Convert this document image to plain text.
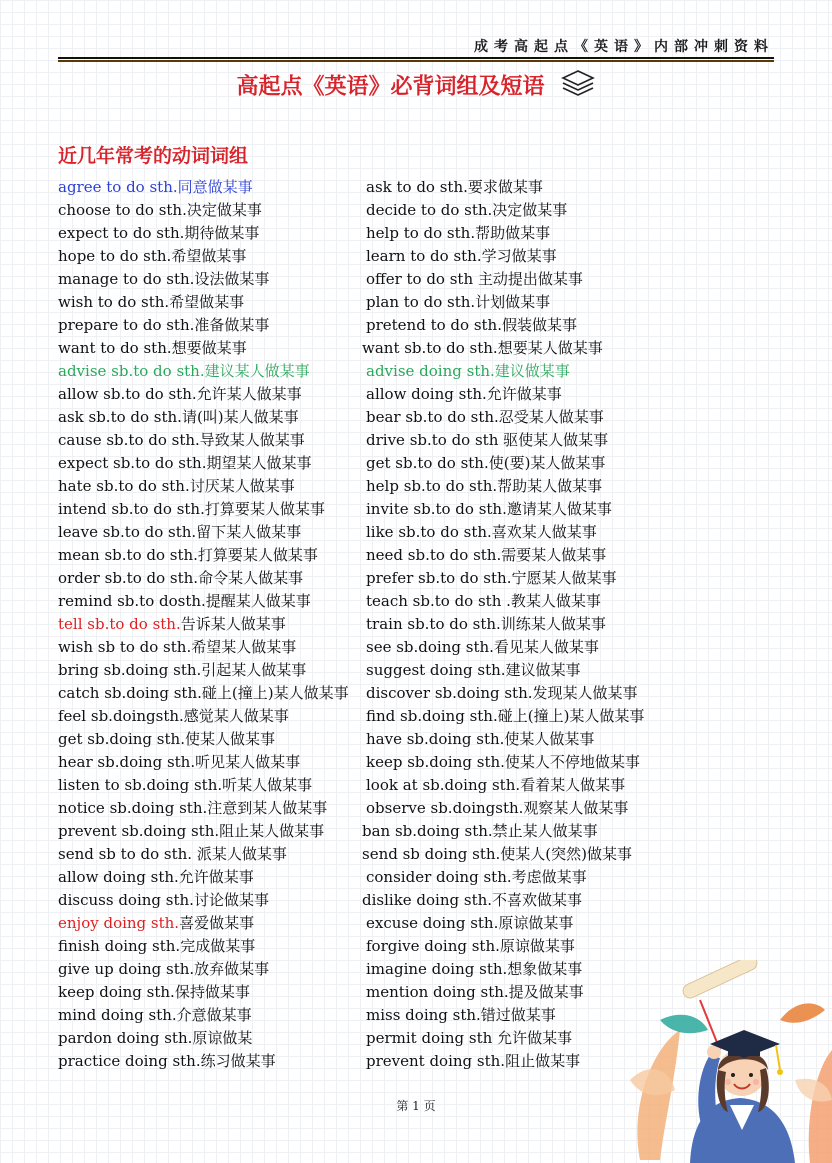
成考高起点《英语》内部冲刺资料
高起点《英语》必背词组及短语
近几年常考的动词词组
agree to do sth.同意做某事	ask to do sth.要求做某事
choose to do sth.决定做某事	decide to do sth.决定做某事
expect to do sth.期待做某事	help to do sth.帮助做某事
hope to do sth.希望做某事	learn to do sth.学习做某事
manage to do sth.设法做某事	offer to do sth 主动提出做某事
wish to do sth.希望做某事	plan to do sth.计划做某事
prepare to do sth.准备做某事	pretend to do sth.假装做某事
want to do sth.想要做某事	want sb.to do sth.想要某人做某事
advise sb.to do sth.建议某人做某事	advise doing sth.建议做某事
allow sb.to do sth.允许某人做某事	allow doing sth.允许做某事
ask sb.to do sth.请(叫)某人做某事	bear sb.to do sth.忍受某人做某事
cause sb.to do sth.导致某人做某事	drive sb.to do sth 驱使某人做某事
expect sb.to do sth.期望某人做某事	get sb.to do sth.使(要)某人做某事
hate sb.to do sth.讨厌某人做某事	help sb.to do sth.帮助某人做某事
intend sb.to do sth.打算要某人做某事	invite sb.to do sth.邀请某人做某事
leave sb.to do sth.留下某人做某事	like sb.to do sth.喜欢某人做某事
mean sb.to do sth.打算要某人做某事	need sb.to do sth.需要某人做某事
order sb.to do sth.命令某人做某事	prefer sb.to do sth.宁愿某人做某事
remind sb.to dosth.提醒某人做某事	teach sb.to do sth .教某人做某事
tell sb.to do sth.告诉某人做某事	train sb.to do sth.训练某人做某事
wish sb to do sth.希望某人做某事	see sb.doing sth.看见某人做某事
bring sb.doing sth.引起某人做某事	suggest doing sth.建议做某事
catch sb.doing sth.碰上(撞上)某人做某事 discover sb.doing sth.发现某人做某事
feel sb.doingsth.感觉某人做某事	find sb.doing sth.碰上(撞上)某人做某事
get sb.doing sth.使某人做某事	have sb.doing sth.使某人做某事
hear sb.doing sth.听见某人做某事	keep sb.doing sth.使某人不停地做某事
listen to sb.doing sth.听某人做某事	look at sb.doing sth.看着某人做某事
notice sb.doing sth.注意到某人做某事	observe sb.doingsth.观察某人做某事
prevent sb.doing sth.阻止某人做某事	ban sb.doing sth.禁止某人做某事
send sb to do sth. 派某人做某事	send sb doing sth.使某人(突然)做某事
allow doing sth.允许做某事	consider doing sth.考虑做某事
discuss doing sth.讨论做某事	dislike doing sth.不喜欢做某事
enjoy doing sth.喜爱做某事	excuse doing sth.原谅做某事
finish doing sth.完成做某事	forgive doing sth.原谅做某事
give up doing sth.放弃做某事	imagine doing sth.想象做某事
keep doing sth.保持做某事	mention doing sth.提及做某事
mind doing sth.介意做某事	miss doing sth.错过做某事
pardon doing sth.原谅做某	permit doing sth 允许做某事
practice doing sth.练习做某事	prevent doing sth.阻止做某事
第 1 页
